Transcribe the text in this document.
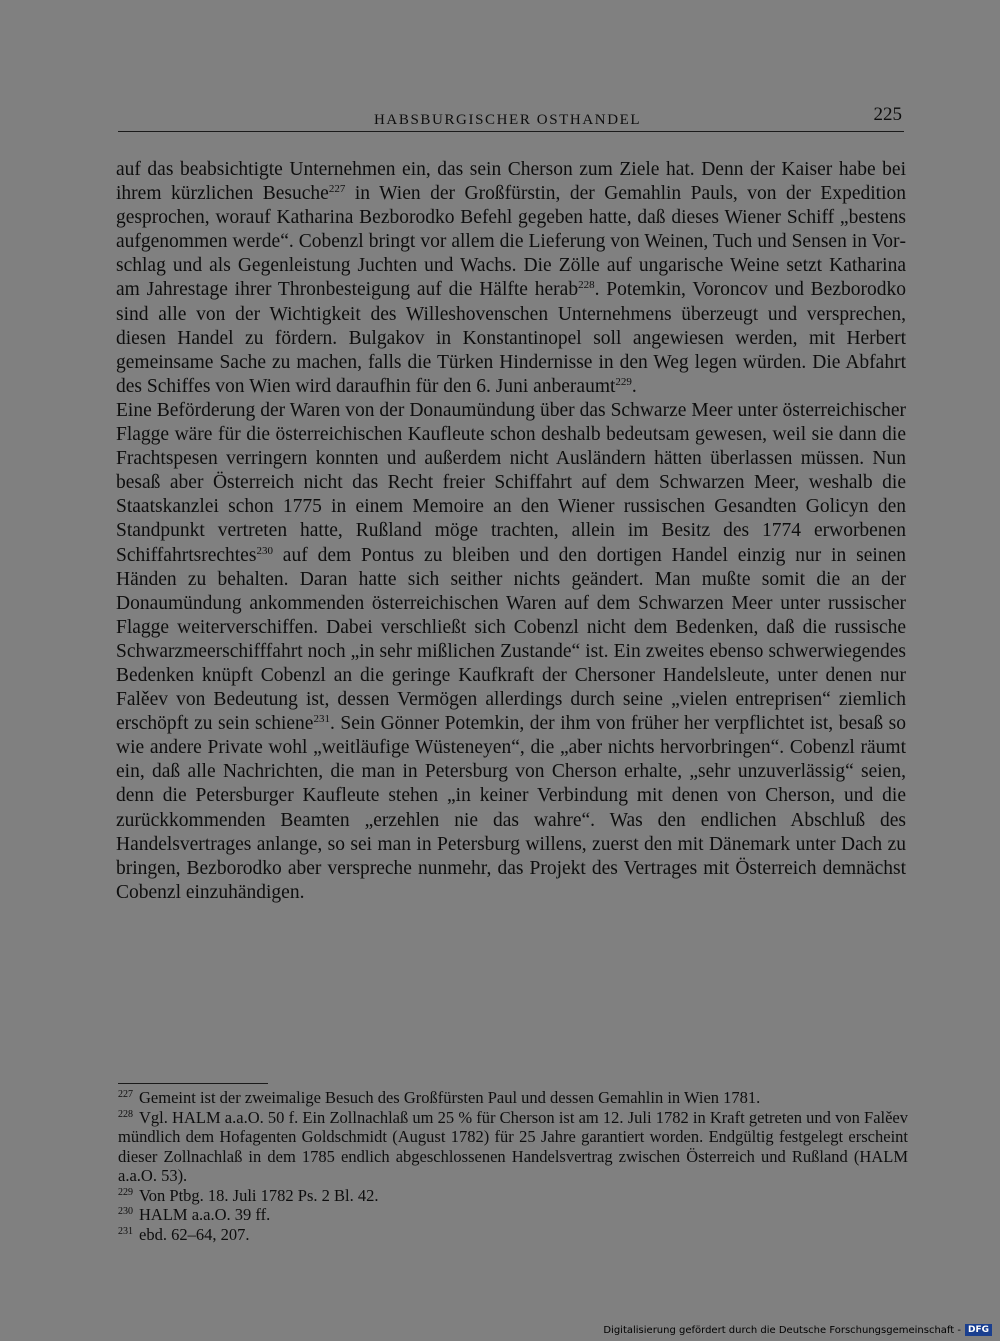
HABSBURGISCHER OSTHANDEL	225

auf das beabsichtigte Unternehmen ein, das sein Cherson zum Ziele hat. Denn der Kaiser habe bei ihrem kürzlichen Besuche$^{227}$ in Wien der Großfürstin, der Gemahlin Pauls, von der Expedition gesprochen, worauf Katharina Bezborodko Befehl gegeben hatte, daß dieses Wiener Schiff „bestens aufgenommen werde“. Cobenzl bringt vor allem die Lieferung von Weinen, Tuch und Sensen in Vorschlag und als Gegenleistung Juchten und Wachs. Die Zölle auf ungarische Weine setzt Katharina am Jahrestage ihrer Thronbesteigung auf die Hälfte herab$^{228}$. Potemkin, Voroncov und Bezborodko sind alle von der Wichtigkeit des Willeshovenschen Unternehmens überzeugt und versprechen, diesen Handel zu fördern. Bulgakov in Konstantinopel soll angewiesen werden, mit Herbert gemeinsame Sache zu machen, falls die Türken Hindernisse in den Weg legen würden. Die Abfahrt des Schiffes von Wien wird daraufhin für den 6. Juni anberaumt$^{229}$.

Eine Beförderung der Waren von der Donaumündung über das Schwarze Meer unter österreichischer Flagge wäre für die österreichischen Kaufleute schon deshalb bedeutsam gewesen, weil sie dann die Frachtspesen verringern konnten und außerdem nicht Ausländern hätten überlassen müssen. Nun besaß aber Österreich nicht das Recht freier Schiffahrt auf dem Schwarzen Meer, weshalb die Staatskanzlei schon 1775 in einem Memoire an den Wiener russischen Gesandten Golicyn den Standpunkt vertreten hatte, Rußland möge trachten, allein im Besitz des 1774 erworbenen Schiffahrtsrechtes$^{230}$ auf dem Pontus zu bleiben und den dortigen Handel einzig nur in seinen Händen zu behalten. Daran hatte sich seither nichts geändert. Man mußte somit die an der Donaumündung ankommenden österreichischen Waren auf dem Schwarzen Meer unter russischer Flagge weiterverschiffen. Dabei verschließt sich Cobenzl nicht dem Bedenken, daß die russische Schwarzmeerschifffahrt noch „in sehr mißlichen Zustande“ ist. Ein zweites ebenso schwerwiegendes Bedenken knüpft Cobenzl an die geringe Kaufkraft der Chersoner Handelsleute, unter denen nur Falěev von Bedeutung ist, dessen Vermögen allerdings durch seine „vielen entreprisen“ ziemlich erschöpft zu sein schiene$^{231}$. Sein Gönner Potemkin, der ihm von früher her verpflichtet ist, besaß so wie andere Private wohl „weitläufige Wüsteneyen“, die „aber nichts hervorbringen“. Cobenzl räumt ein, daß alle Nachrichten, die man in Petersburg von Cherson erhalte, „sehr unzuverlässig“ seien, denn die Petersburger Kaufleute stehen „in keiner Verbindung mit denen von Cherson, und die zurückkommenden Beamten „erzehlen nie das wahre“. Was den endlichen Abschluß des Handelsvertrages anlange, so sei man in Petersburg willens, zuerst den mit Dänemark unter Dach zu bringen, Bezborodko aber verspreche nunmehr, das Projekt des Vertrages mit Österreich demnächst Cobenzl einzuhändigen.

$^{227}$ Gemeint ist der zweimalige Besuch des Großfürsten Paul und dessen Gemahlin in Wien 1781.

$^{228}$ Vgl. HALM a.a.O. 50 f. Ein Zollnachlaß um 25 % für Cherson ist am 12. Juli 1782 in Kraft getreten und von Falěev mündlich dem Hofagenten Goldschmidt (August 1782) für 25 Jahre garantiert worden. Endgültig festgelegt erscheint dieser Zollnachlaß in dem 1785 endlich abgeschlossenen Handelsvertrag zwischen Österreich und Rußland (HALM a.a.O. 53).

$^{229}$ Von Ptbg. 18. Juli 1782 Ps. 2 Bl. 42.

$^{230}$ HALM a.a.O. 39 ff.

$^{231}$ ebd. 62–64, 207.

Digitalisierung gefördert durch die Deutsche Forschungsgemeinschaft - DFG
